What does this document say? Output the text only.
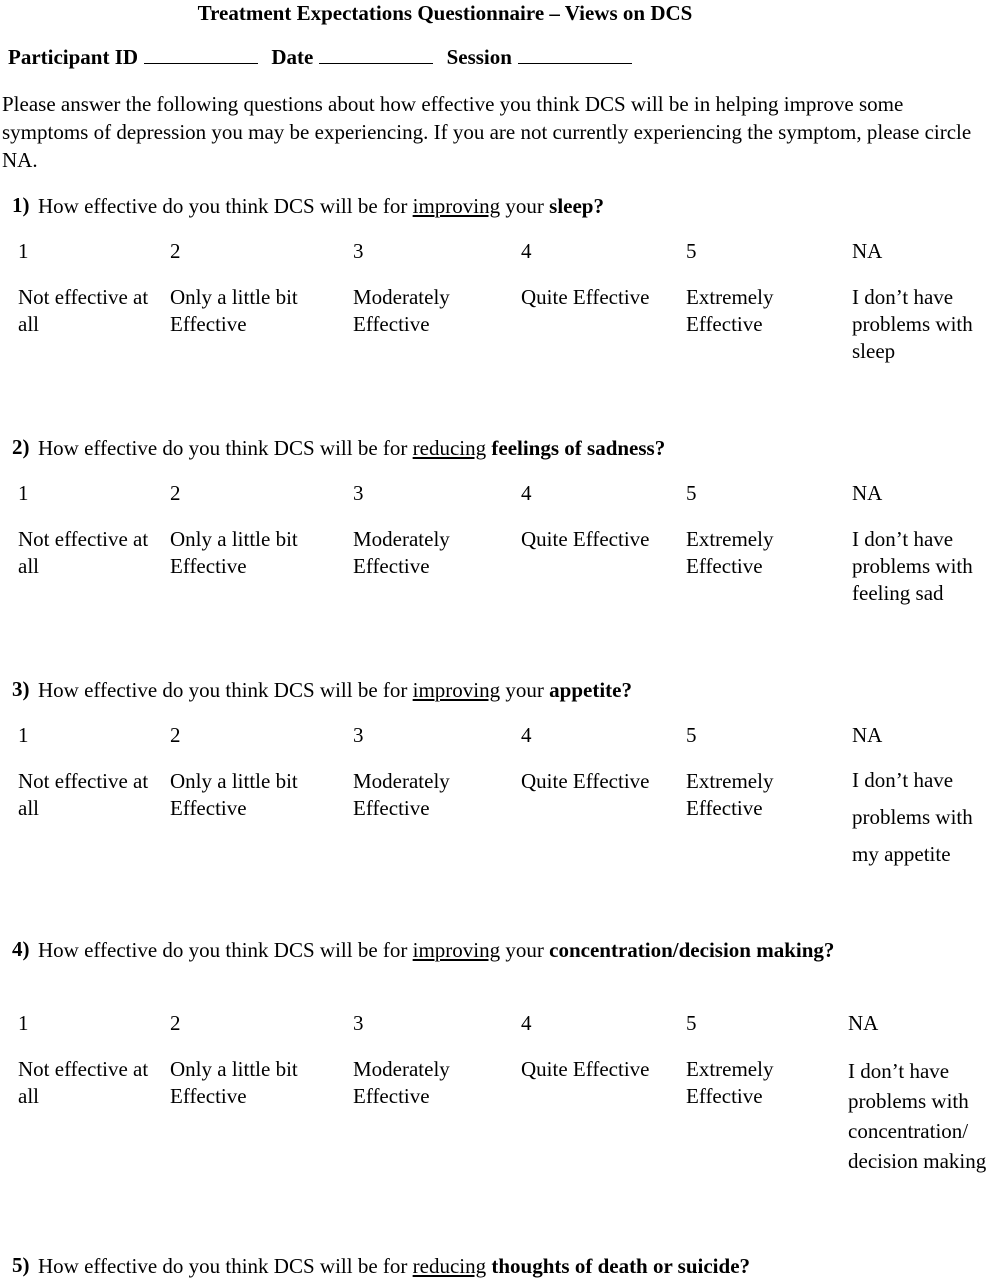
Treatment Expectations Questionnaire – Views on DCS
Participant ID	Date	Session
Please answer the following questions about how effective you think DCS will be in helping improve some symptoms of depression you may be experiencing. If you are not currently experiencing the symptom, please circle NA.
1) How effective do you think DCS will be for improving your sleep?
1
Not effective at all
2
Only a little bit Effective
3
Moderately Effective
4
Quite Effective
5
Extremely Effective
NA
I don’t have problems with sleep
2) How effective do you think DCS will be for reducing feelings of sadness?
1
Not effective at all
2
Only a little bit Effective
3
Moderately Effective
4
Quite Effective
5
Extremely Effective
NA
I don’t have problems with feeling sad
3) How effective do you think DCS will be for improving your appetite?
1
Not effective at all
2
Only a little bit Effective
3
Moderately Effective
4
Quite Effective
5
Extremely Effective
NA
I don’t have problems with my appetite
4) How effective do you think DCS will be for improving your concentration/decision making?
1
Not effective at all
2
Only a little bit Effective
3
Moderately Effective
4
Quite Effective
5
Extremely Effective
NA
I don’t have problems with concentration/ decision making
5) How effective do you think DCS will be for reducing thoughts of death or suicide?
